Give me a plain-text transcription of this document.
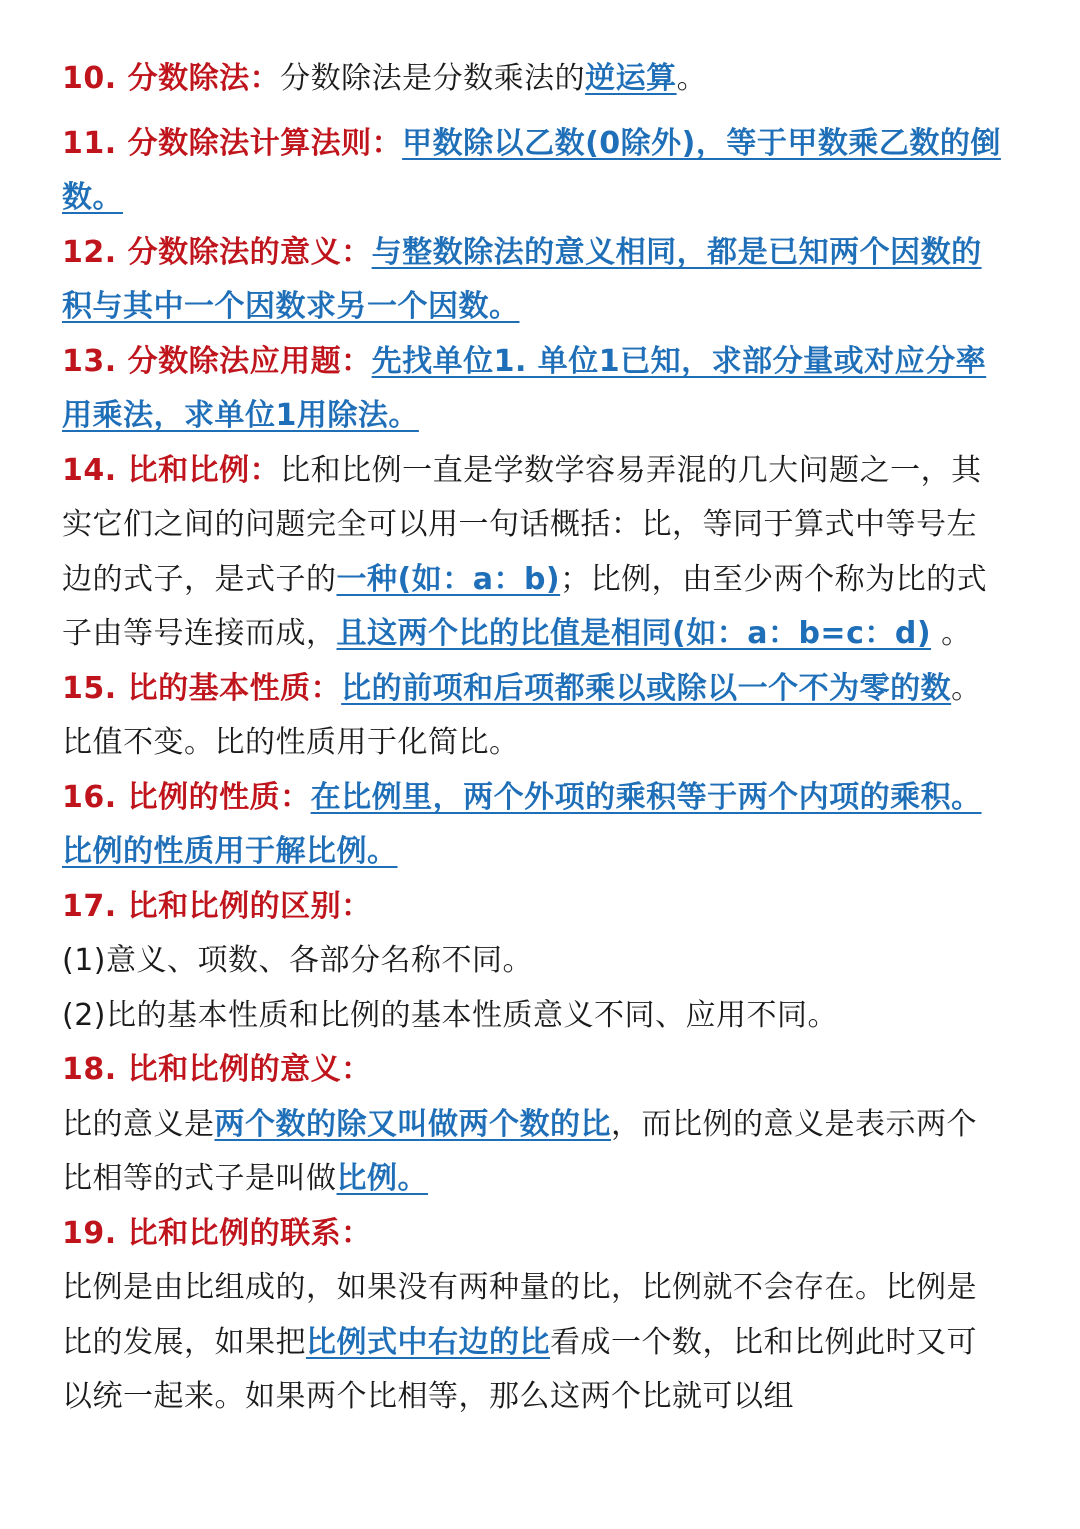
10. 分数除法：分数除法是分数乘法的逆运算。

11. 分数除法计算法则：甲数除以乙数(0除外)，等于甲数乘乙数的倒数。

12. 分数除法的意义：与整数除法的意义相同，都是已知两个因数的积与其中一个因数求另一个因数。

13. 分数除法应用题：先找单位1. 单位1已知，求部分量或对应分率用乘法，求单位1用除法。

14. 比和比例：比和比例一直是学数学容易弄混的几大问题之一，其实它们之间的问题完全可以用一句话概括：比，等同于算式中等号左边的式子，是式子的一种(如：a：b)；比例，由至少两个称为比的式子由等号连接而成，且这两个比的比值是相同(如：a：b=c：d) 。

15. 比的基本性质：比的前项和后项都乘以或除以一个不为零的数。比值不变。比的性质用于化简比。

16. 比例的性质：在比例里，两个外项的乘积等于两个内项的乘积。比例的性质用于解比例。

17. 比和比例的区别：

(1)意义、项数、各部分名称不同。

(2)比的基本性质和比例的基本性质意义不同、应用不同。

18. 比和比例的意义：

比的意义是两个数的除又叫做两个数的比，而比例的意义是表示两个比相等的式子是叫做比例。

19. 比和比例的联系：

比例是由比组成的，如果没有两种量的比，比例就不会存在。比例是比的发展，如果把比例式中右边的比看成一个数，比和比例此时又可以统一起来。如果两个比相等，那么这两个比就可以组
